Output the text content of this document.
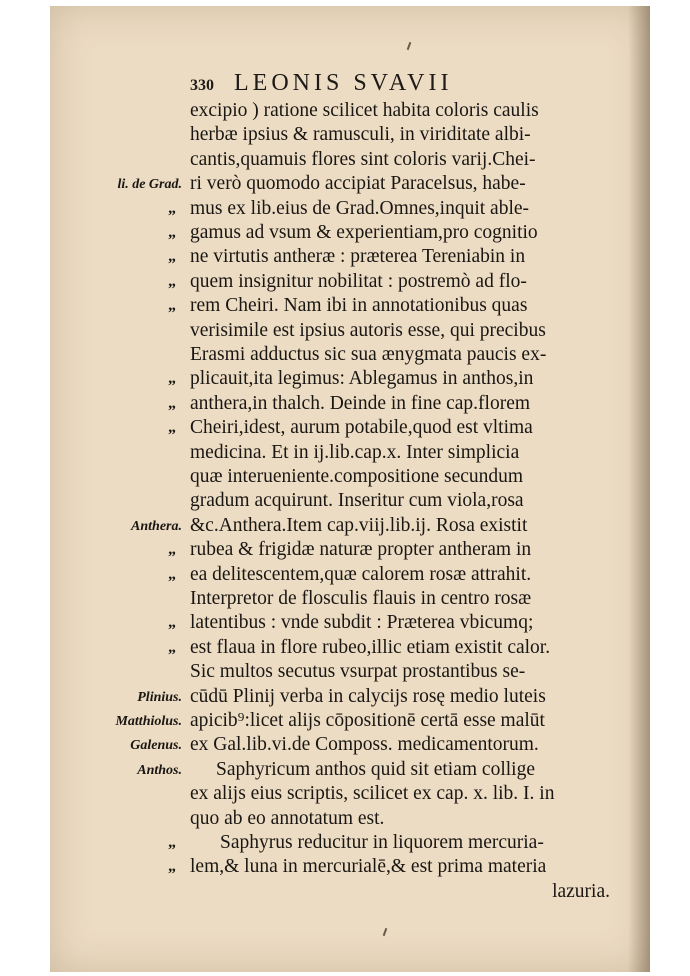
330 LEONIS SVAVII
excipio ) ratione scilicet habita coloris caulis
herbæ ipsius & ramusculi, in viriditate albi-
cantis,quamuis flores sint coloris varij.Chei-
ri verò quomodo accipiat Paracelsus, habe-
li. de Grad.
mus ex lib.eius de Grad.Omnes,inquit able-
„
gamus ad vsum & experientiam,pro cognitio
„
ne virtutis antheræ : præterea Tereniabin in
„
quem insignitur nobilitat : postremò ad flo-
„
rem Cheiri. Nam ibi in annotationibus quas
„
verisimile est ipsius autoris esse, qui precibus
Erasmi adductus sic sua ænygmata paucis ex-
plicauit,ita legimus: Ablegamus in anthos,in
„
anthera,in thalch. Deinde in fine cap.florem
„
Cheiri,idest, aurum potabile,quod est vltima
„
medicina. Et in ij.lib.cap.x. Inter simplicia
quæ interueniente.compositione secundum
gradum acquirunt. Inseritur cum viola,rosa
&c.Anthera.Item cap.viij.lib.ij. Rosa existit
Anthera.
rubea & frigidæ naturæ propter antheram in
„
ea delitescentem,quæ calorem rosæ attrahit.
„
Interpretor de flosculis flauis in centro rosæ
latentibus : vnde subdit : Præterea vbicumq;
„
est flaua in flore rubeo,illic etiam existit calor.
„
Sic multos secutus vsurpat prostantibus se-
cūdū Plinij verba in calycijs rosę medio luteis
Plinius.
apicib⁹:licet alijs cōpositionē certā esse malūt
Matthiolus.
ex Gal.lib.vi.de Composs. medicamentorum.
Galenus.
Saphyricum anthos quid sit etiam collige
Anthos.
ex alijs eius scriptis, scilicet ex cap. x. lib. I. in
quo ab eo annotatum est.
Saphyrus reducitur in liquorem mercuria-
„
lem,& luna in mercurialē,& est prima materia
„
lazuria.
